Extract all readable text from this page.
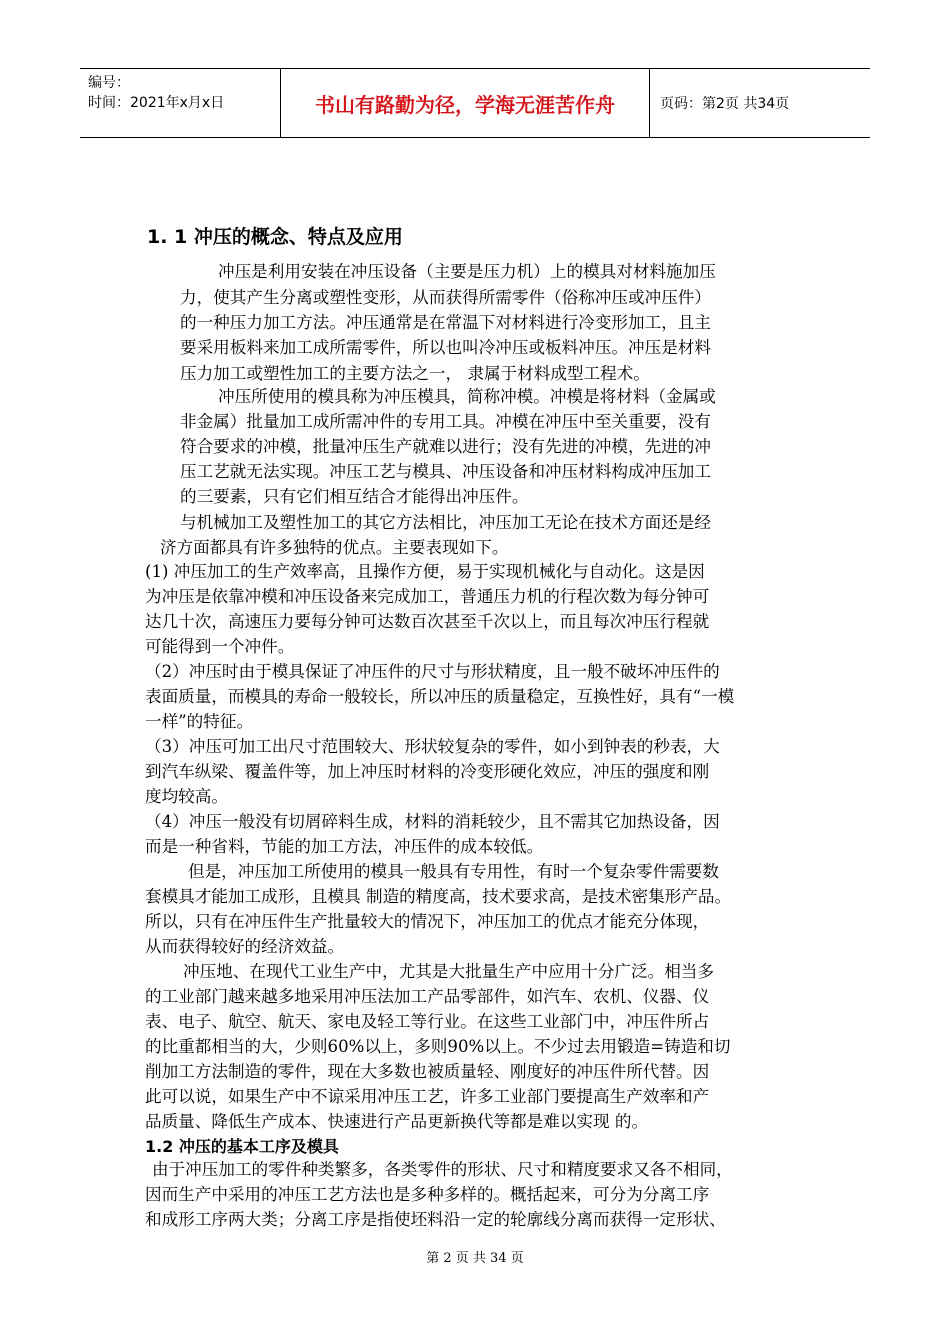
编号：
时间：2021年x月x日	书山有路勤为径，学海无涯苦作舟	页码：第2页 共34页
1. 1 冲压的概念、特点及应用
冲压是利用安装在冲压设备（主要是压力机）上的模具对材料施加压
力，使其产生分离或塑性变形，从而获得所需零件（俗称冲压或冲压件）
的一种压力加工方法。冲压通常是在常温下对材料进行冷变形加工，且主
要采用板料来加工成所需零件，所以也叫冷冲压或板料冲压。冲压是材料
压力加工或塑性加工的主要方法之一， 隶属于材料成型工程术。
冲压所使用的模具称为冲压模具，简称冲模。冲模是将材料（金属或
非金属）批量加工成所需冲件的专用工具。冲模在冲压中至关重要，没有
符合要求的冲模，批量冲压生产就难以进行；没有先进的冲模，先进的冲
压工艺就无法实现。冲压工艺与模具、冲压设备和冲压材料构成冲压加工
的三要素，只有它们相互结合才能得出冲压件。
与机械加工及塑性加工的其它方法相比，冲压加工无论在技术方面还是经
济方面都具有许多独特的优点。主要表现如下。
(1) 冲压加工的生产效率高，且操作方便，易于实现机械化与自动化。这是因
为冲压是依靠冲模和冲压设备来完成加工，普通压力机的行程次数为每分钟可
达几十次，高速压力要每分钟可达数百次甚至千次以上，而且每次冲压行程就
可能得到一个冲件。
（2）冲压时由于模具保证了冲压件的尺寸与形状精度，且一般不破坏冲压件的
表面质量，而模具的寿命一般较长，所以冲压的质量稳定，互换性好，具有“一模
一样”的特征。
（3）冲压可加工出尺寸范围较大、形状较复杂的零件，如小到钟表的秒表，大
到汽车纵梁、覆盖件等，加上冲压时材料的冷变形硬化效应，冲压的强度和刚
度均较高。
（4）冲压一般没有切屑碎料生成，材料的消耗较少，且不需其它加热设备，因
而是一种省料，节能的加工方法，冲压件的成本较低。
但是，冲压加工所使用的模具一般具有专用性，有时一个复杂零件需要数
套模具才能加工成形，且模具 制造的精度高，技术要求高，是技术密集形产品。
所以，只有在冲压件生产批量较大的情况下，冲压加工的优点才能充分体现，
从而获得较好的经济效益。
冲压地、在现代工业生产中，尤其是大批量生产中应用十分广泛。相当多
的工业部门越来越多地采用冲压法加工产品零部件，如汽车、农机、仪器、仪
表、电子、航空、航天、家电及轻工等行业。在这些工业部门中，冲压件所占
的比重都相当的大，少则60%以上，多则90%以上。不少过去用锻造=铸造和切
削加工方法制造的零件，现在大多数也被质量轻、刚度好的冲压件所代替。因
此可以说，如果生产中不谅采用冲压工艺，许多工业部门要提高生产效率和产
品质量、降低生产成本、快速进行产品更新换代等都是难以实现 的。
1.2 冲压的基本工序及模具
由于冲压加工的零件种类繁多，各类零件的形状、尺寸和精度要求又各不相同，
因而生产中采用的冲压工艺方法也是多种多样的。概括起来，可分为分离工序
和成形工序两大类；分离工序是指使坯料沿一定的轮廓线分离而获得一定形状、
第 2 页 共 34 页
